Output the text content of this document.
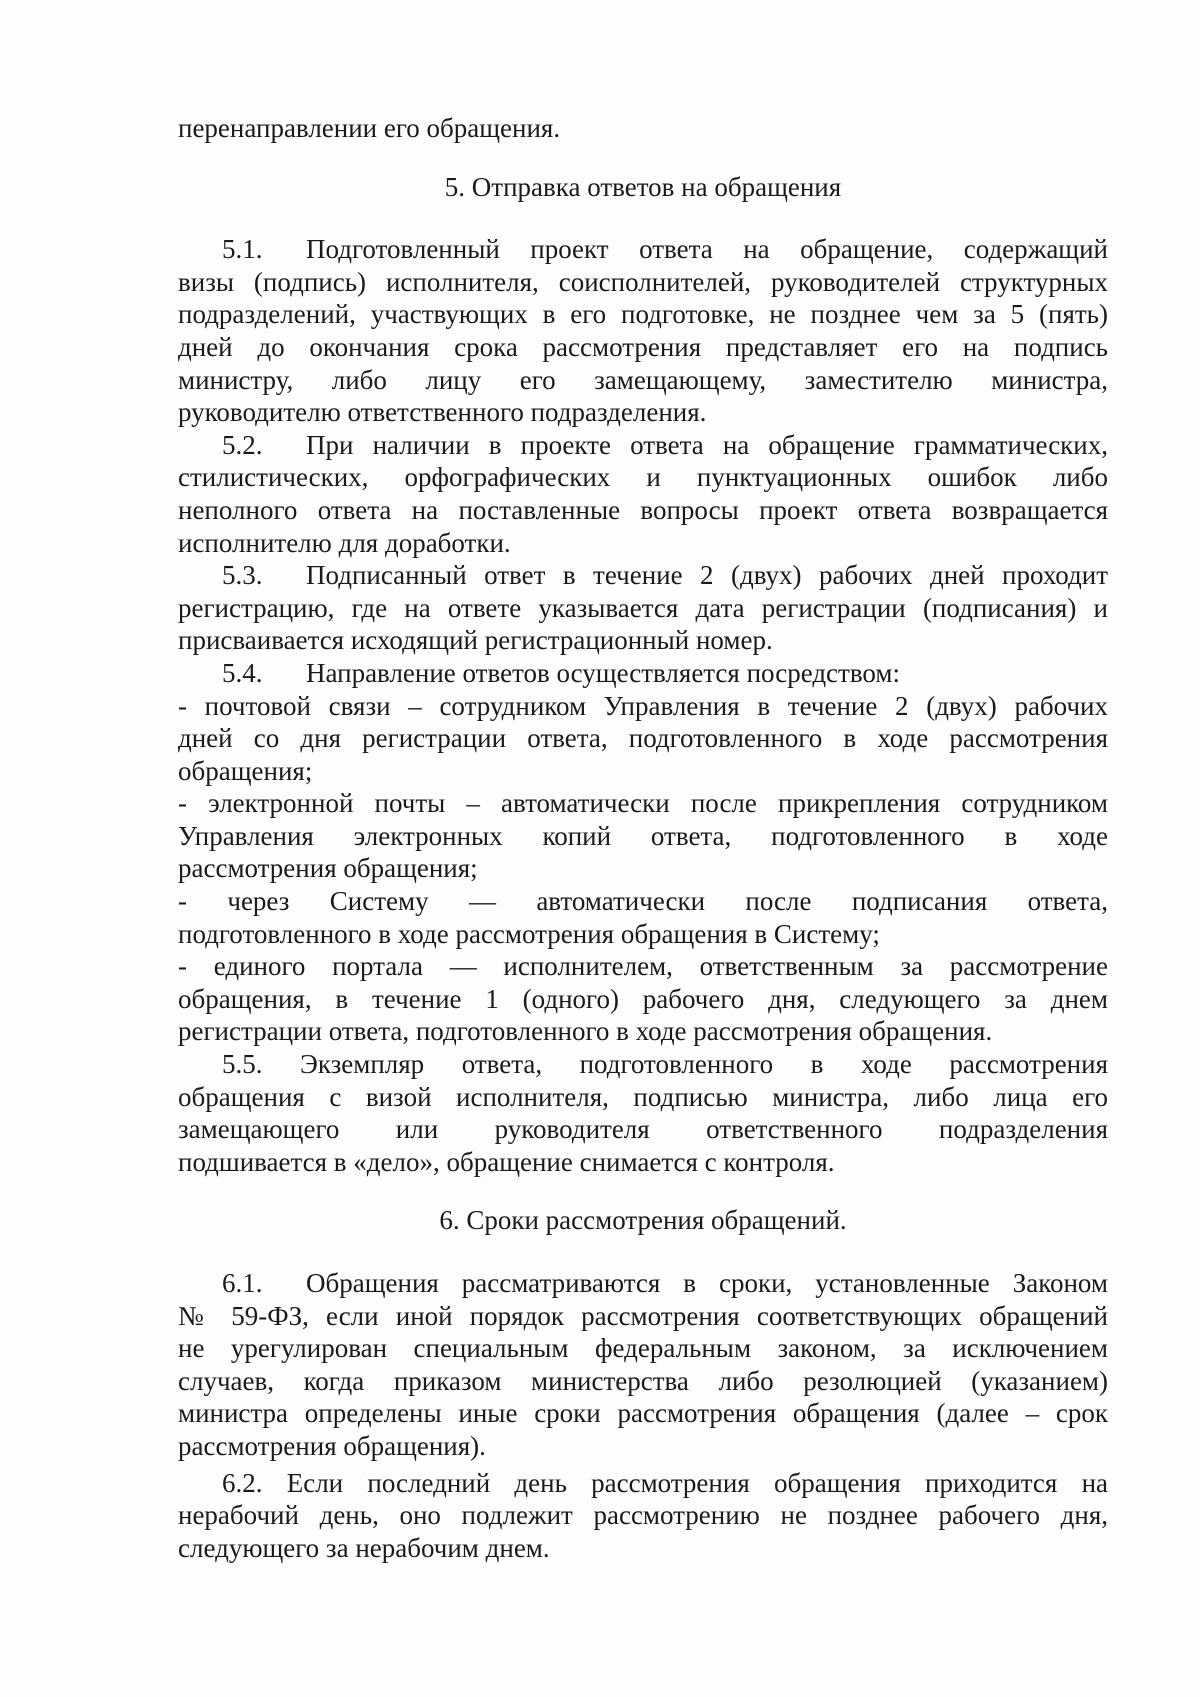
перенаправлении его обращения.
5. Отправка ответов на обращения
5.1. Подготовленный проект ответа на обращение, содержащий
визы (подпись) исполнителя, соисполнителей, руководителей структурных
подразделений, участвующих в его подготовке, не позднее чем за 5 (пять)
дней до окончания срока рассмотрения представляет его на подпись
министру, либо лицу его замещающему, заместителю министра,
руководителю ответственного подразделения.
5.2. При наличии в проекте ответа на обращение грамматических,
стилистических, орфографических и пунктуационных ошибок либо
неполного ответа на поставленные вопросы проект ответа возвращается
исполнителю для доработки.
5.3. Подписанный ответ в течение 2 (двух) рабочих дней проходит
регистрацию, где на ответе указывается дата регистрации (подписания) и
присваивается исходящий регистрационный номер.
5.4. Направление ответов осуществляется посредством:
- почтовой связи – сотрудником Управления в течение 2 (двух) рабочих
дней со дня регистрации ответа, подготовленного в ходе рассмотрения
обращения;
- электронной почты – автоматически после прикрепления сотрудником
Управления электронных копий ответа, подготовленного в ходе
рассмотрения обращения;
- через Систему — автоматически после подписания ответа,
подготовленного в ходе рассмотрения обращения в Систему;
- единого портала — исполнителем, ответственным за рассмотрение
обращения, в течение 1 (одного) рабочего дня, следующего за днем
регистрации ответа, подготовленного в ходе рассмотрения обращения.
5.5. Экземпляр ответа, подготовленного в ходе рассмотрения
обращения с визой исполнителя, подписью министра, либо лица его
замещающего или руководителя ответственного подразделения
подшивается в «дело», обращение снимается с контроля.
6. Сроки рассмотрения обращений.
6.1. Обращения рассматриваются в сроки, установленные Законом
№ 59-ФЗ, если иной порядок рассмотрения соответствующих обращений
не урегулирован специальным федеральным законом, за исключением
случаев, когда приказом министерства либо резолюцией (указанием)
министра определены иные сроки рассмотрения обращения (далее – срок
рассмотрения обращения).
6.2. Если последний день рассмотрения обращения приходится на
нерабочий день, оно подлежит рассмотрению не позднее рабочего дня,
следующего за нерабочим днем.
